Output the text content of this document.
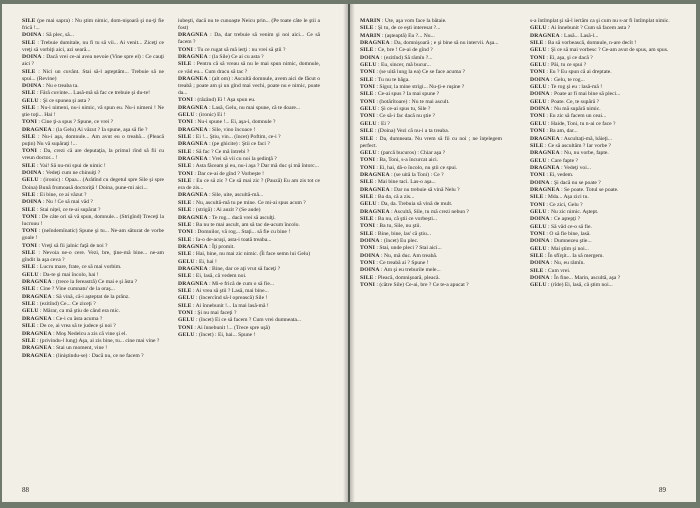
SILE (pe mai sapra) : Nu ştim nimic, dom-nişoară şi nu-ţi fie frică !...

DOINA : Să plec, să...

SILE : Trebuie dumitale, nu fi tu să vii... Ai venit... Ziceţi ce vreţi să vorbiţi aici, azi seară...

DOINA : Dacă vrei ce-ai avea nevoie (Vine spre el) : Ce cauţi aici ?

SILE : Nici un cuvânt. Stai să-l aşteptăm... Trebuie să ne spui... (Revine)

DOINA : Nu e treaba ta.

SILE : Fără cuvinte... Lasă-mă să fac ce trebuie şi du-te!

GELU : Şi ce spunea şi asta ?

SILE : Nu-i nimeni, nu-i nimic, vă spun eu. Nu-i nimeni ! Ne ştie toţi... Hai !

TONI : Cine ţi-a spus ? Spune, ce vrei ?

DRAGNEA : (la Gelu) Ai văzut ? Ia spune, aşa să fie ?

SILE : Nu-i aşa, domnule... Am avut eu o treabă... (Pleacă puţin) Nu vă supăraţi !...

TONI : Da, crezi că are deputaţia, la primul rînd să fii cu vreun doctor... !

SILE : Vai! Să nu-mi spui de nimic !

DOINA : Vedeţi cum ne chinuiţi ?

GELU : (ironic) : Opaa... (Arătînd cu degetul spre Sile şi spre Doina) Bună frumoasă doctoriţă ! Doina, pune-mi aici...

SILE : Ei bine, ce ai văzut ?

DOINA : Nu ! Ce să mai văd ?

SILE : Stai nițel, ce te-ai supărat ?

TONI : De câte ori să vă spun, domnule... (Strigînd) Treceţi la lucruuu !

TONI : (neîndemînatic) Spune şi tu... Ne-am săturat de vorbe goale !

TONI : Vreţi să fii jalnic faţă de noi ?

SILE : Nevoia ne-o cere. Vezi, bre, ţine-mă bine... ne-am gîndit la aşa ceva ?

SILE : Lucru mare, frate, ce să mai vorbim.

GELU : Da-te şi mai încolo, hai !

DRAGNEA : (trece la fereastră) Ce mai e şi ăsta ?

SILE : Cine ? Vine cumnatu' de la oraş...

DRAGNEA : Să vină, că-i aşteptat de la prânz.

SILE : (ezitînd) Ce... Ce ziceţi ?

GELU : Mărar, ca mă ştiu de când era mic.

DRAGNEA : Ce-i cu ăsta acuma ?

SILE : De ce, ai vrea să te judece şi noi ?

DRAGNEA : Moş Nedelcu a zis că vine şi el.

SILE : (privindu-l lung) Aşa, ai zis bine, tu... cine mai vine ?

DRAGNEA : Stai un moment, vine !

DRAGNEA : (liniştindu-se) : Dacă nu, ce ne facem ?

iubeşti, dacă nu te cunoaşte Neicu prin... (Pe toate câte le ştii a fost)

DRAGNEA : Da, dar trebuie să venim şi noi aici... Ce să facem ?

TONI : Tu ce rugat să mă ierţi : nu vrei să ştii ?

DRAGNEA : (la Sile) Ce ai cu asta ?

SILE : Pentru că să vreau să nu le mai spun nimic, domnule, ce văd eu... Cum dracu să tac ?

DRAGNEA : (alt om) : Ascultă domnule, avem aici de făcut o treabă ; poate am şi un gînd mai vechi, poate nu e nimic, poate da...

TONI : (râzând) Ei ! Aşa spun eu.

DRAGNEA : Lasă, Gelu, nu mai spune, că te doare...

GELU : (ironic) Ei !

TONI : Nu-i spune !... Ei, aşa-i, domnule ?

DRAGNEA : Sile, vino încoace !

SILE : Ei !... Ştiu, vin... (încet) Poftim, ce-i ?

DRAGNEA : (pe ghicite) : Ştii ce faci ?

SILE : Să fac ? Ce mă întrebi ?

DRAGNEA : Vrei să vii cu noi la şedinţă ?

SILE : Asta făceam şi eu, nu-i aşa ? Dar mă duc şi mă întorc...

TONI : Dar ce-ai de gînd ? Vorbeşte !

SILE : Eu ce să zic ? Ce să mai zic ? (Pauză) Eu am zis tot ce era de zis...

DRAGNEA : Sile, uite, ascultă-mă...

SILE : Nu, ascultă-mă tu pe mine. Ce mi-ai spus acum ?

SILE : (strigă) : Ai auzit ? (Se aude)

DRAGNEA : Te rog... dacă vrei să asculţi.

SILE : Ba nu te mai ascult, am să tac de-acum încolo.

TONI : Domnilor, vă rog... Staţi... să fie cu bine !

SILE : Ia-o de-acuşi, asta-i toată treaba...

DRAGNEA : Îţi promit.

SILE : Hai, bine, nu mai zic nimic. (Îi face semn lui Gelu)

GELU : Ei, hai !

DRAGNEA : Bine, dar ce aţi vrut să faceţi ?

SILE : Ei, lasă, că vedem noi.

DRAGNEA : Mi-e frică de cum o să fie...

SILE : Ai vrea să ştii ? Lasă, mai bine...

GELU : (încercînd să-l oprească) Sile !

SILE : Ai înnebunit !... Ia mai lasă-mă !

TONI : Şi nu mai faceţi ?

GELU : (încet) Ei ce să facem ? Cum vrei dumneata...

TONI : Ai înnebunit !... (Trece spre uşă)

GELU : (încet) : Ei, hai... Spune !

88

MARIN : Ute, aşa vom face la bătaie.

SILE : Şi tu, de ce eşti interesat ?...

MARIN : (aşteaptă) Eu ?... Nu...

DRAGNEA : Da, domnişoară ; e şi bine să nu intervii. Aşa...

SILE : Ce, bre ! Ce-ai de gînd ?

DOINA : (ezitînd) Să rămîn ?...

GELU : Eu, sincer, mă bucur...

TONI : (se uită lung la ea) Ce se face acuma ?

SILE : Tu nu te băga.

TONI : Sigur, la mine strigi... Nu-ţi-e ruşine ?

SILE : Ce-ai spus ? Ia mai spune ?

TONI : (hotărîtoare) : Nu te mai ascult.

GELU : Şi ce-ai spus tu, Sile ?

TONI : Ce să-i fac dacă nu ştie ?

GELU : Ei ?

SILE : (Doina) Vezi că nu-i a ta treaba.

SILE : Da, dumneata. Nu vrem să fii cu noi ; ne înţelegem perfect.

GELU : (parcă bucuros) : Chiar aşa ?

TONI : Ba, Toni, s-a încurcat aici.

TONI : Ei, hai, dă-o încolo, nu ştii ce spui.

DRAGNEA : (se uită la Toni) : Ce ?

SILE : Mai bine taci. Las-o aşa...

DRAGNEA : Dar nu trebuie să vină Nelu ?

SILE : Ba da, că a zis...

GELU : Da, da. Trebuia să vină de mult.

DRAGNEA : Ascultă, Sile, tu mă crezi nebun ?

SILE : Ba nu, că ştii ce vorbeşti...

TONI : Ba tu, Sile, nu ştii.

SILE : Bine, bine, las' că ştiu...

DOINA : (încet) Eu plec.

TONI : Stai, unde pleci ? Stai aici...

DOINA : Nu, mă duc. Am treabă.

TONI : Ce treabă ai ? Spune !

DOINA : Am şi eu treburile mele...

SILE : Pleacă, domnişoară, pleacă.

TONI : (către Sile) Ce-ai, bre ? Ce te-a apucat ?

s-a întîmplat şi să-l iertăm ca şi cum nu s-ar fi întîmplat nimic.

GELU : Ai înnebunit ? Cum să facem asta ?

DRAGNEA : Lasă... Lasă-l...

SILE : Ba să vorbească, domnule, n-are decît !

GELU : Şi ce să mai vorbesc ? Ce-am avut de spus, am spus.

TONI : Ei, aşa, şi ce dacă ?

GELU : Păi, tu ce spui ?

TONI : Eu ? Eu spun că ai dreptate.

DOINA : Gelu, te rog...

GELU : Te rog şi eu : lasă-mă !

DOINA : Poate ar fi mai bine să pleci...

GELU : Poate. Ce, te supără ?

DOINA : Nu mă supără nimic.

TONI : Eu zic să facem un ceai...

GELU : Haide, Toni, tu n-ai ce face ?

TONI : Ba am, dar...

DRAGNEA : Ascultaţi-mă, băieţi...

SILE : Ce să ascultăm ? Iar vorbe ?

DRAGNEA : Nu, nu vorbe, fapte.

GELU : Care fapte ?

DRAGNEA : Vedeţi voi...

TONI : Ei, vedem.

DOINA : Şi dacă nu se poate ?

DRAGNEA : Se poate. Totul se poate.

SILE : Mda... Aşa zici tu.

TONI : Ce zici, Gelu ?

GELU : Nu zic nimic. Aştept.

DOINA : Ce aştepţi ?

GELU : Să văd ce-o să fie.

TONI : O să fie bine, lasă.

DOINA : Dumnezeu ştie...

GELU : Mai ştim şi noi...

SILE : În sfîrşit... Ia să mergem.

DOINA : Nu, eu rămîn.

SILE : Cum vrei.

DOINA : În fine... Marin, ascultă, aşa ?

GELU : (rîde) Ei, lasă, că ştim noi...

89
